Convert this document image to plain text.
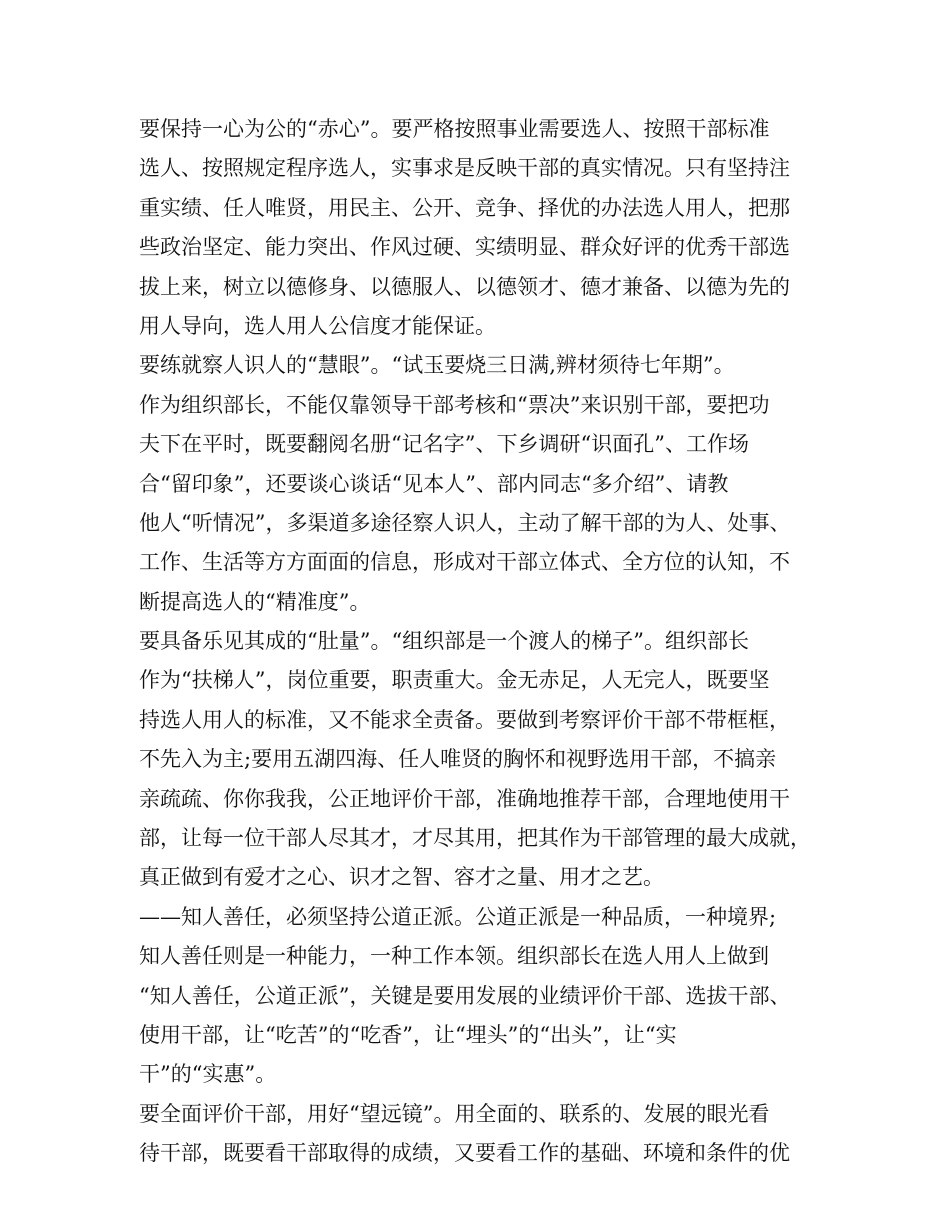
要保持一心为公的“赤心”。要严格按照事业需要选人、按照干部标准
选人、按照规定程序选人，实事求是反映干部的真实情况。只有坚持注
重实绩、任人唯贤，用民主、公开、竞争、择优的办法选人用人，把那
些政治坚定、能力突出、作风过硬、实绩明显、群众好评的优秀干部选
拔上来，树立以德修身、以德服人、以德领才、德才兼备、以德为先的
用人导向，选人用人公信度才能保证。
要练就察人识人的“慧眼”。“试玉要烧三日满,辨材须待七年期”。
作为组织部长，不能仅靠领导干部考核和“票决”来识别干部，要把功
夫下在平时，既要翻阅名册“记名字”、下乡调研“识面孔”、工作场
合“留印象”，还要谈心谈话“见本人”、部内同志“多介绍”、请教
他人“听情况”，多渠道多途径察人识人，主动了解干部的为人、处事、
工作、生活等方方面面的信息，形成对干部立体式、全方位的认知，不
断提高选人的“精准度”。
要具备乐见其成的“肚量”。“组织部是一个渡人的梯子”。组织部长
作为“扶梯人”，岗位重要，职责重大。金无赤足，人无完人，既要坚
持选人用人的标准，又不能求全责备。要做到考察评价干部不带框框，
不先入为主;要用五湖四海、任人唯贤的胸怀和视野选用干部，不搞亲
亲疏疏、你你我我，公正地评价干部，准确地推荐干部，合理地使用干
部，让每一位干部人尽其才，才尽其用，把其作为干部管理的最大成就，
真正做到有爱才之心、识才之智、容才之量、用才之艺。
——知人善任，必须坚持公道正派。公道正派是一种品质，一种境界;
知人善任则是一种能力，一种工作本领。组织部长在选人用人上做到
“知人善任，公道正派”，关键是要用发展的业绩评价干部、选拔干部、
使用干部，让“吃苦”的“吃香”，让“埋头”的“出头”，让“实
干”的“实惠”。
要全面评价干部，用好“望远镜”。用全面的、联系的、发展的眼光看
待干部，既要看干部取得的成绩，又要看工作的基础、环境和条件的优
